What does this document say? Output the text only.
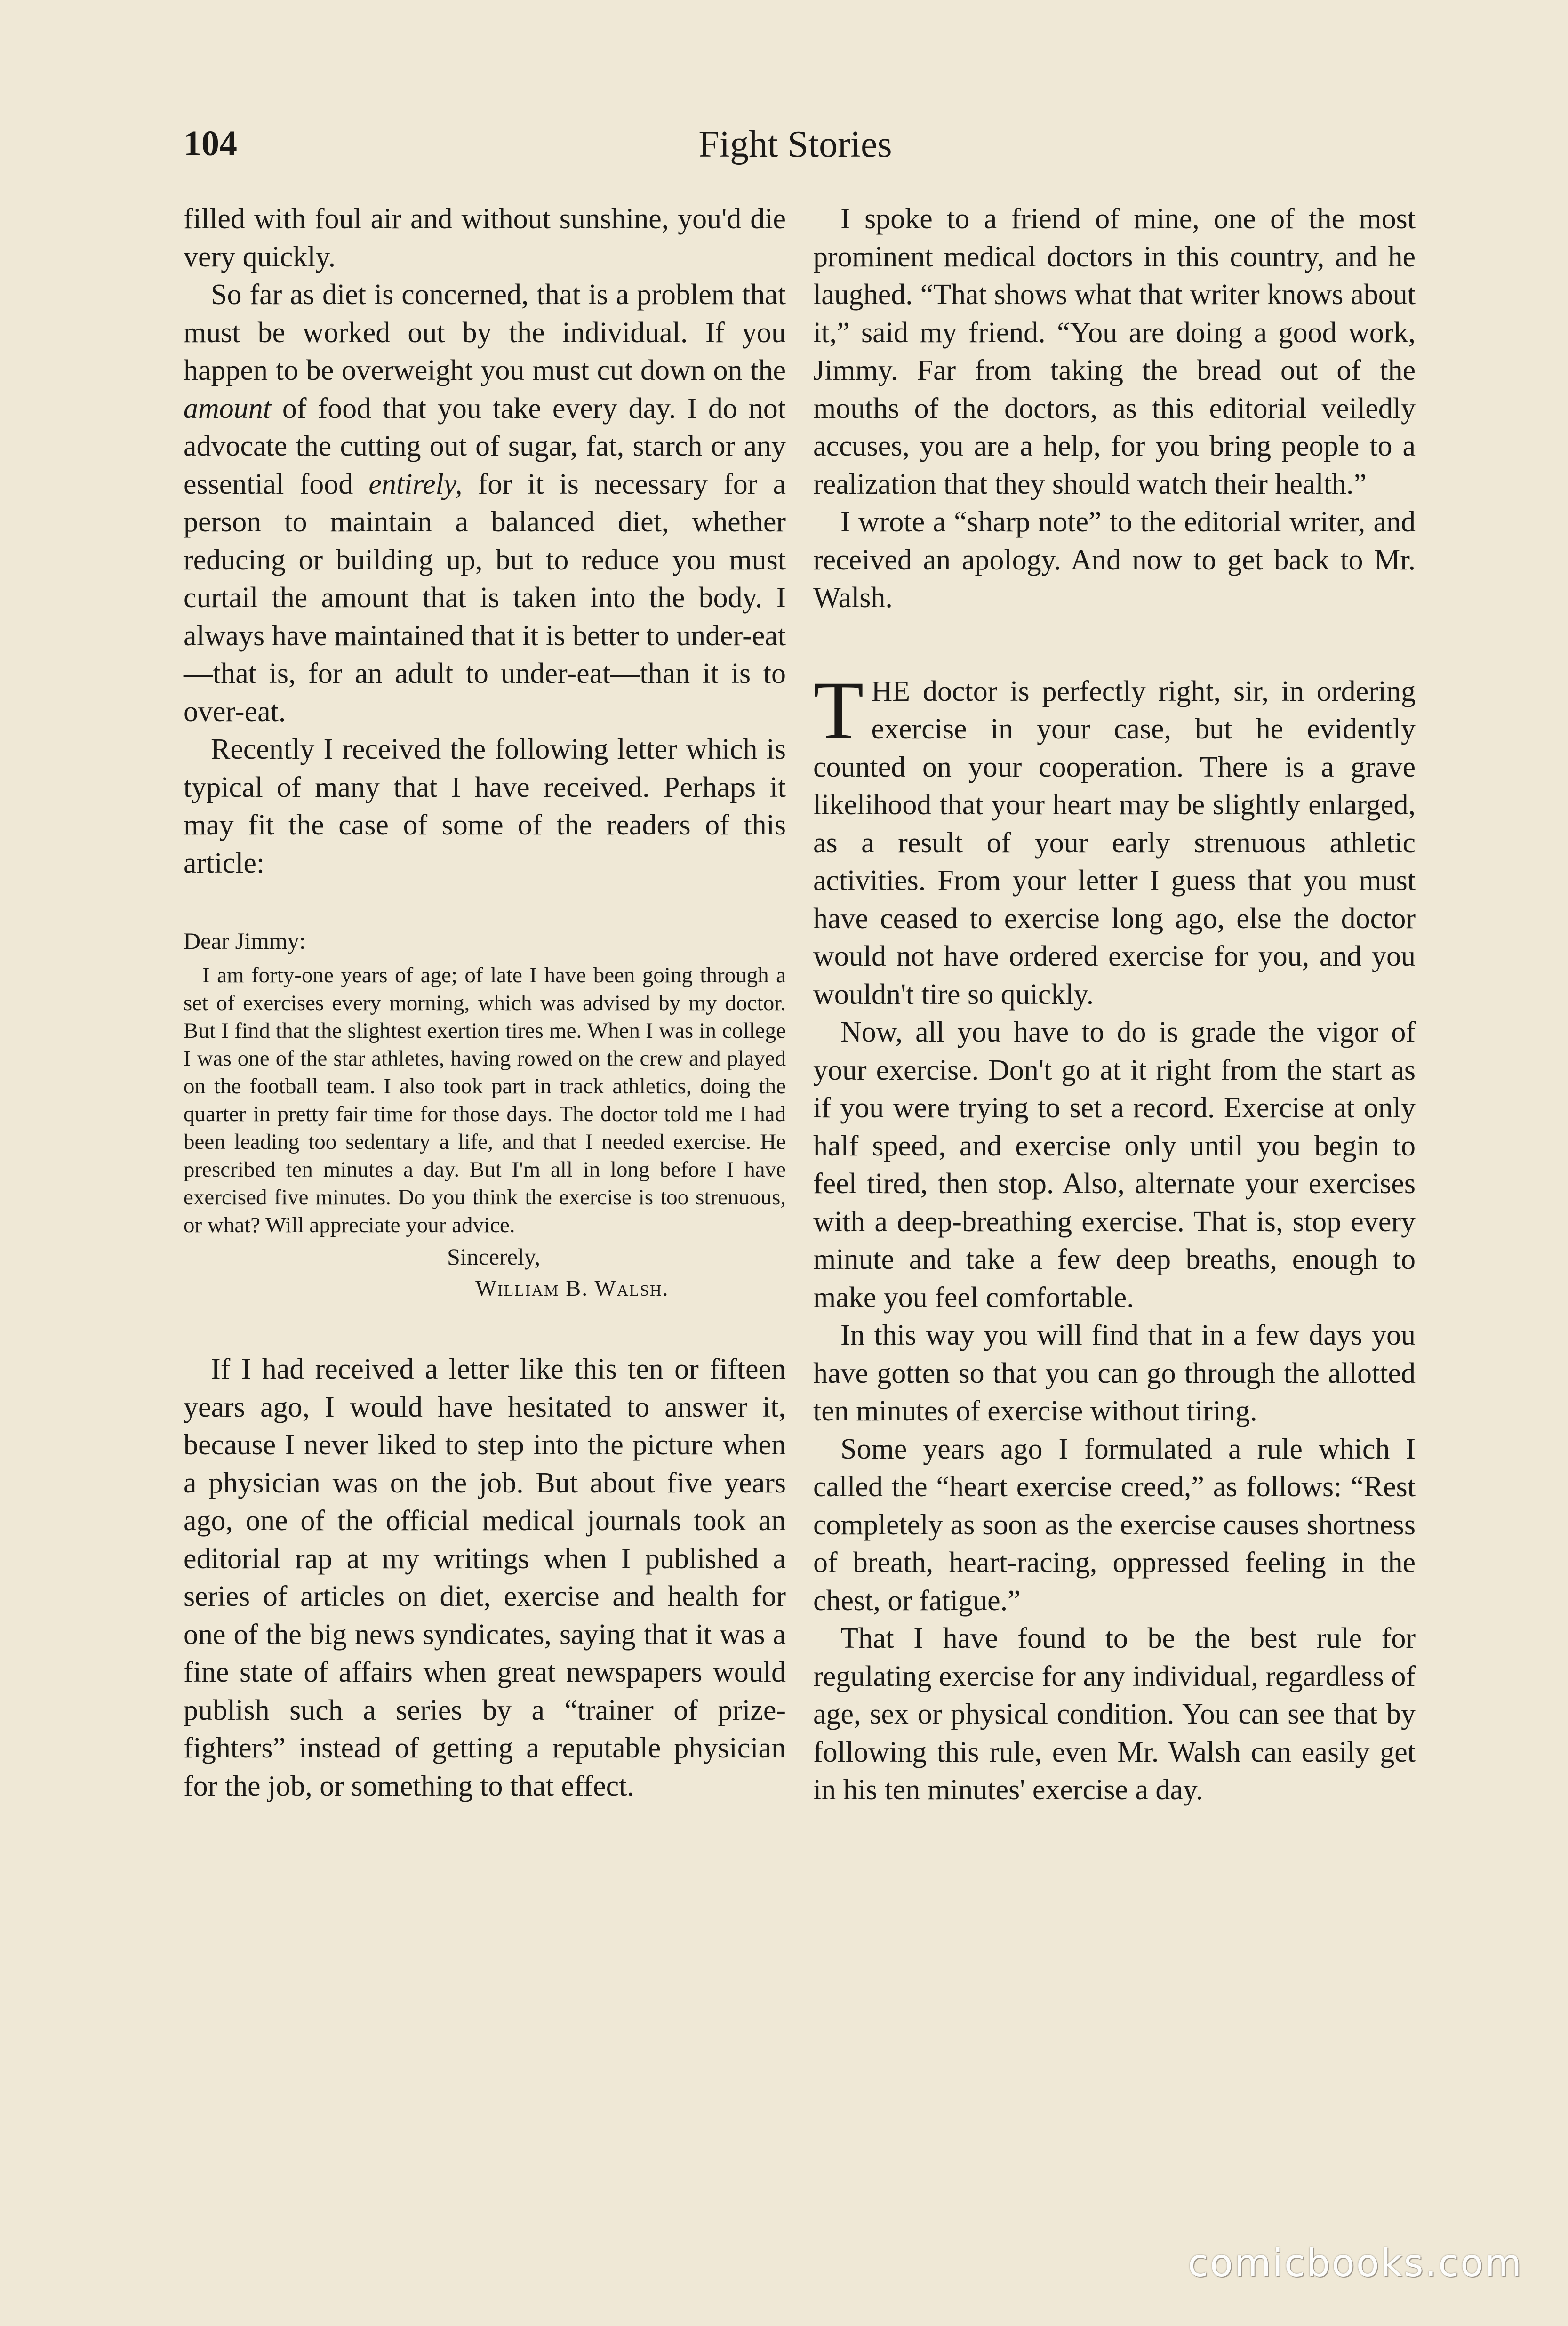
104	Fight Stories

filled with foul air and without sunshine, you'd die very quickly.

So far as diet is concerned, that is a problem that must be worked out by the individual. If you happen to be overweight you must cut down on the amount of food that you take every day. I do not advocate the cutting out of sugar, fat, starch or any essential food entirely, for it is necessary for a person to maintain a balanced diet, whether reducing or building up, but to reduce you must curtail the amount that is taken into the body. I always have maintained that it is better to under-eat—that is, for an adult to under-eat—than it is to over-eat.

Recently I received the following letter which is typical of many that I have received. Perhaps it may fit the case of some of the readers of this article:

Dear Jimmy:

I am forty-one years of age; of late I have been going through a set of exercises every morning, which was advised by my doctor. But I find that the slightest exertion tires me. When I was in college I was one of the star athletes, having rowed on the crew and played on the football team. I also took part in track athletics, doing the quarter in pretty fair time for those days. The doctor told me I had been leading too sedentary a life, and that I needed exercise. He prescribed ten minutes a day. But I'm all in long before I have exercised five minutes. Do you think the exercise is too strenuous, or what? Will appreciate your advice.

Sincerely,
William B. Walsh.

If I had received a letter like this ten or fifteen years ago, I would have hesitated to answer it, because I never liked to step into the picture when a physician was on the job. But about five years ago, one of the official medical journals took an editorial rap at my writings when I published a series of articles on diet, exercise and health for one of the big news syndicates, saying that it was a fine state of affairs when great newspapers would publish such a series by a “trainer of prize-fighters” instead of getting a reputable physician for the job, or something to that effect.

I spoke to a friend of mine, one of the most prominent medical doctors in this country, and he laughed. “That shows what that writer knows about it,” said my friend. “You are doing a good work, Jimmy. Far from taking the bread out of the mouths of the doctors, as this editorial veiledly accuses, you are a help, for you bring people to a realization that they should watch their health.”

I wrote a “sharp note” to the editorial writer, and received an apology. And now to get back to Mr. Walsh.

THE doctor is perfectly right, sir, in ordering exercise in your case, but he evidently counted on your cooperation. There is a grave likelihood that your heart may be slightly enlarged, as a result of your early strenuous athletic activities. From your letter I guess that you must have ceased to exercise long ago, else the doctor would not have ordered exercise for you, and you wouldn't tire so quickly.

Now, all you have to do is grade the vigor of your exercise. Don't go at it right from the start as if you were trying to set a record. Exercise at only half speed, and exercise only until you begin to feel tired, then stop. Also, alternate your exercises with a deep-breathing exercise. That is, stop every minute and take a few deep breaths, enough to make you feel comfortable.

In this way you will find that in a few days you have gotten so that you can go through the allotted ten minutes of exercise without tiring.

Some years ago I formulated a rule which I called the “heart exercise creed,” as follows: “Rest completely as soon as the exercise causes shortness of breath, heart-racing, oppressed feeling in the chest, or fatigue.”

That I have found to be the best rule for regulating exercise for any individual, regardless of age, sex or physical condition. You can see that by following this rule, even Mr. Walsh can easily get in his ten minutes' exercise a day.

comicbooks.com
